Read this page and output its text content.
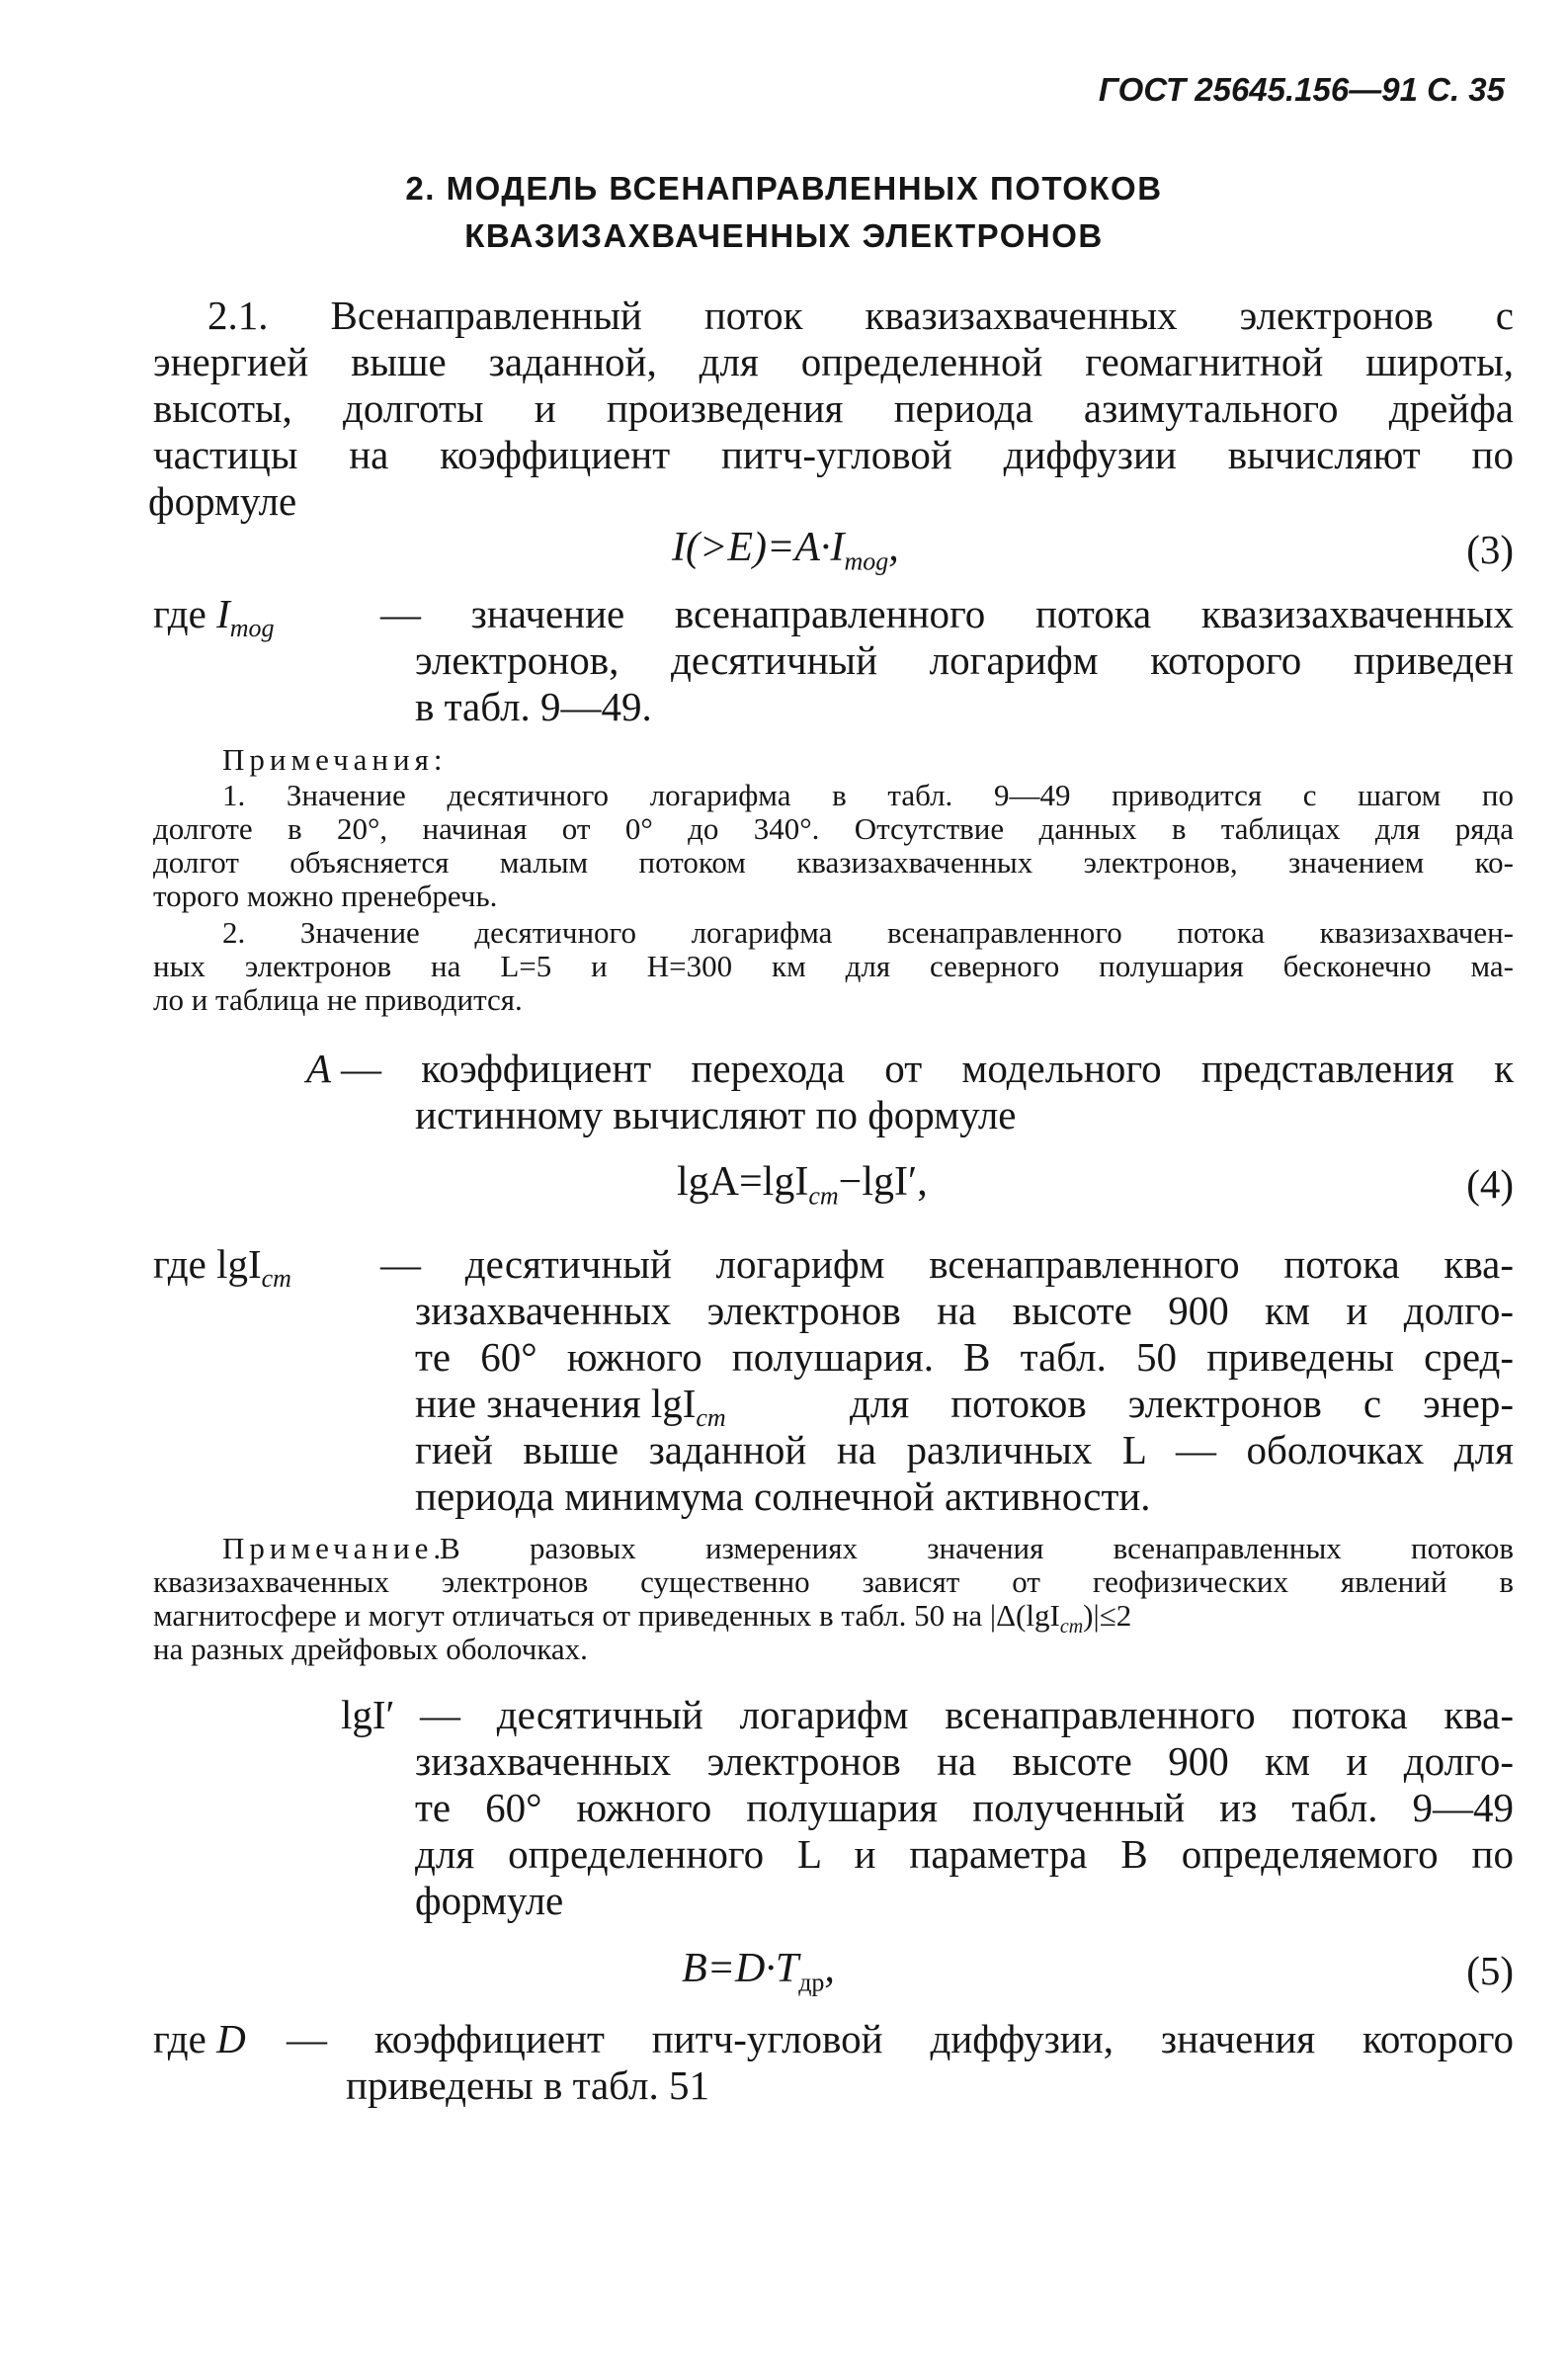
ГОСТ 25645.156—91 С. 35
2. МОДЕЛЬ ВСЕНАПРАВЛЕННЫХ ПОТОКОВ
КВАЗИЗАХВАЧЕННЫХ ЭЛЕКТРОНОВ
2.1. Всенаправленный поток квазизахваченных электронов с
энергией выше заданной, для определенной геомагнитной широты,
высоты, долготы и произведения периода азимутального дрейфа
частицы на коэффициент питч-угловой диффузии вычисляют по
формуле
$I(>E)=A\cdot I_{mog}$,	(3)
где $I_{mog}$	— значение всенаправленного потока квазизахваченных
электронов, десятичный логарифм которого приведен
в табл. 9—49.
Примечания:
1. Значение десятичного логарифма в табл. 9—49 приводится с шагом по
долготе в 20°, начиная от 0° до 340°. Отсутствие данных в таблицах для ряда
долгот объясняется малым потоком квазизахваченных электронов, значением ко-
торого можно пренебречь.
2. Значение десятичного логарифма всенаправленного потока квазизахвачен-
ных электронов на L=5 и H=300 км для северного полушария бесконечно ма-
ло и таблица не приводится.
A — коэффициент перехода от модельного представления к
истинному вычисляют по формуле
lgA=lgI$_{cm}$−lgI′,	(4)
где lgI$_{cm}$ — десятичный логарифм всенаправленного потока ква-
зизахваченных электронов на высоте 900 км и долго-
те 60° южного полушария. В табл. 50 приведены сред-
ние значения lgI$_{cm}$	для потоков электронов с энер-
гией выше заданной на различных L — оболочках для
периода минимума солнечной активности.
Примечание.
В разовых измерениях значения всенаправленных потоков
квазизахваченных электронов существенно зависят от геофизических явлений в
магнитосфере и могут отличаться от приведенных в табл. 50 на |Δ(lgI$_{cm}$)|≤2
на разных дрейфовых оболочках.
lgI′ — десятичный логарифм всенаправленного потока ква-
зизахваченных электронов на высоте 900 км и долго-
те 60° южного полушария полученный из табл. 9—49
для определенного L и параметра B определяемого по
формуле
$B=D\cdot T_{др}$,	(5)
где D — коэффициент питч-угловой диффузии, значения которого
приведены в табл. 51
